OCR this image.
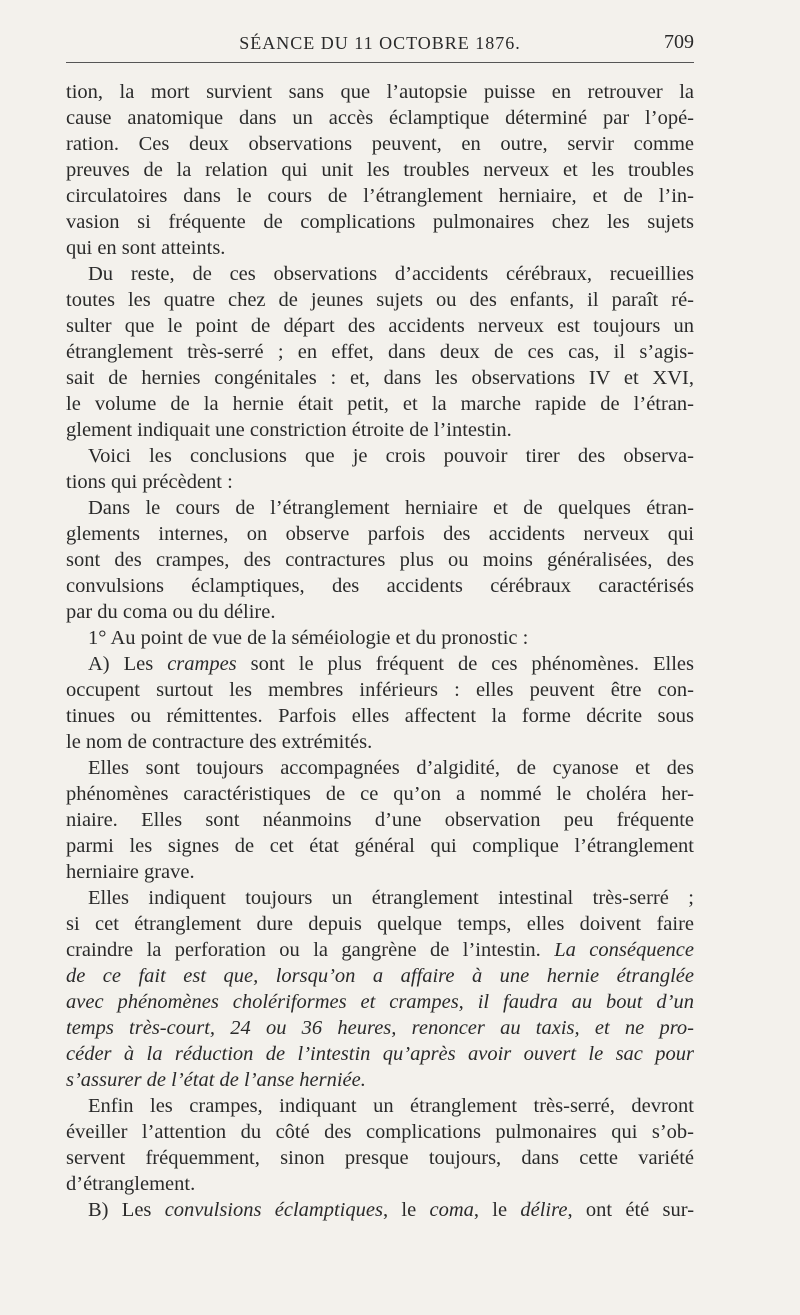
SÉANCE DU 11 OCTOBRE 1876.	709
tion, la mort survient sans que l’autopsie puisse en retrouver la
cause anatomique dans un accès éclamptique déterminé par l’opé-
ration. Ces deux observations peuvent, en outre, servir comme
preuves de la relation qui unit les troubles nerveux et les troubles
circulatoires dans le cours de l’étranglement herniaire, et de l’in-
vasion si fréquente de complications pulmonaires chez les sujets
qui en sont atteints.
Du reste, de ces observations d’accidents cérébraux, recueillies
toutes les quatre chez de jeunes sujets ou des enfants, il paraît ré-
sulter que le point de départ des accidents nerveux est toujours un
étranglement très-serré ; en effet, dans deux de ces cas, il s’agis-
sait de hernies congénitales : et, dans les observations IV et XVI,
le volume de la hernie était petit, et la marche rapide de l’étran-
glement indiquait une constriction étroite de l’intestin.
Voici les conclusions que je crois pouvoir tirer des observa-
tions qui précèdent :
Dans le cours de l’étranglement herniaire et de quelques étran-
glements internes, on observe parfois des accidents nerveux qui
sont des crampes, des contractures plus ou moins généralisées, des
convulsions éclamptiques, des accidents cérébraux caractérisés
par du coma ou du délire.
1° Au point de vue de la séméiologie et du pronostic :
A) Les crampes sont le plus fréquent de ces phénomènes. Elles
occupent surtout les membres inférieurs : elles peuvent être con-
tinues ou rémittentes. Parfois elles affectent la forme décrite sous
le nom de contracture des extrémités.
Elles sont toujours accompagnées d’algidité, de cyanose et des
phénomènes caractéristiques de ce qu’on a nommé le choléra her-
niaire. Elles sont néanmoins d’une observation peu fréquente
parmi les signes de cet état général qui complique l’étranglement
herniaire grave.
Elles indiquent toujours un étranglement intestinal très-serré ;
si cet étranglement dure depuis quelque temps, elles doivent faire
craindre la perforation ou la gangrène de l’intestin. La conséquence
de ce fait est que, lorsqu’on a affaire à une hernie étranglée
avec phénomènes cholériformes et crampes, il faudra au bout d’un
temps très-court, 24 ou 36 heures, renoncer au taxis, et ne pro-
céder à la réduction de l’intestin qu’après avoir ouvert le sac pour
s’assurer de l’état de l’anse herniée.
Enfin les crampes, indiquant un étranglement très-serré, devront
éveiller l’attention du côté des complications pulmonaires qui s’ob-
servent fréquemment, sinon presque toujours, dans cette variété
d’étranglement.
B) Les convulsions éclamptiques, le coma, le délire, ont été sur-
